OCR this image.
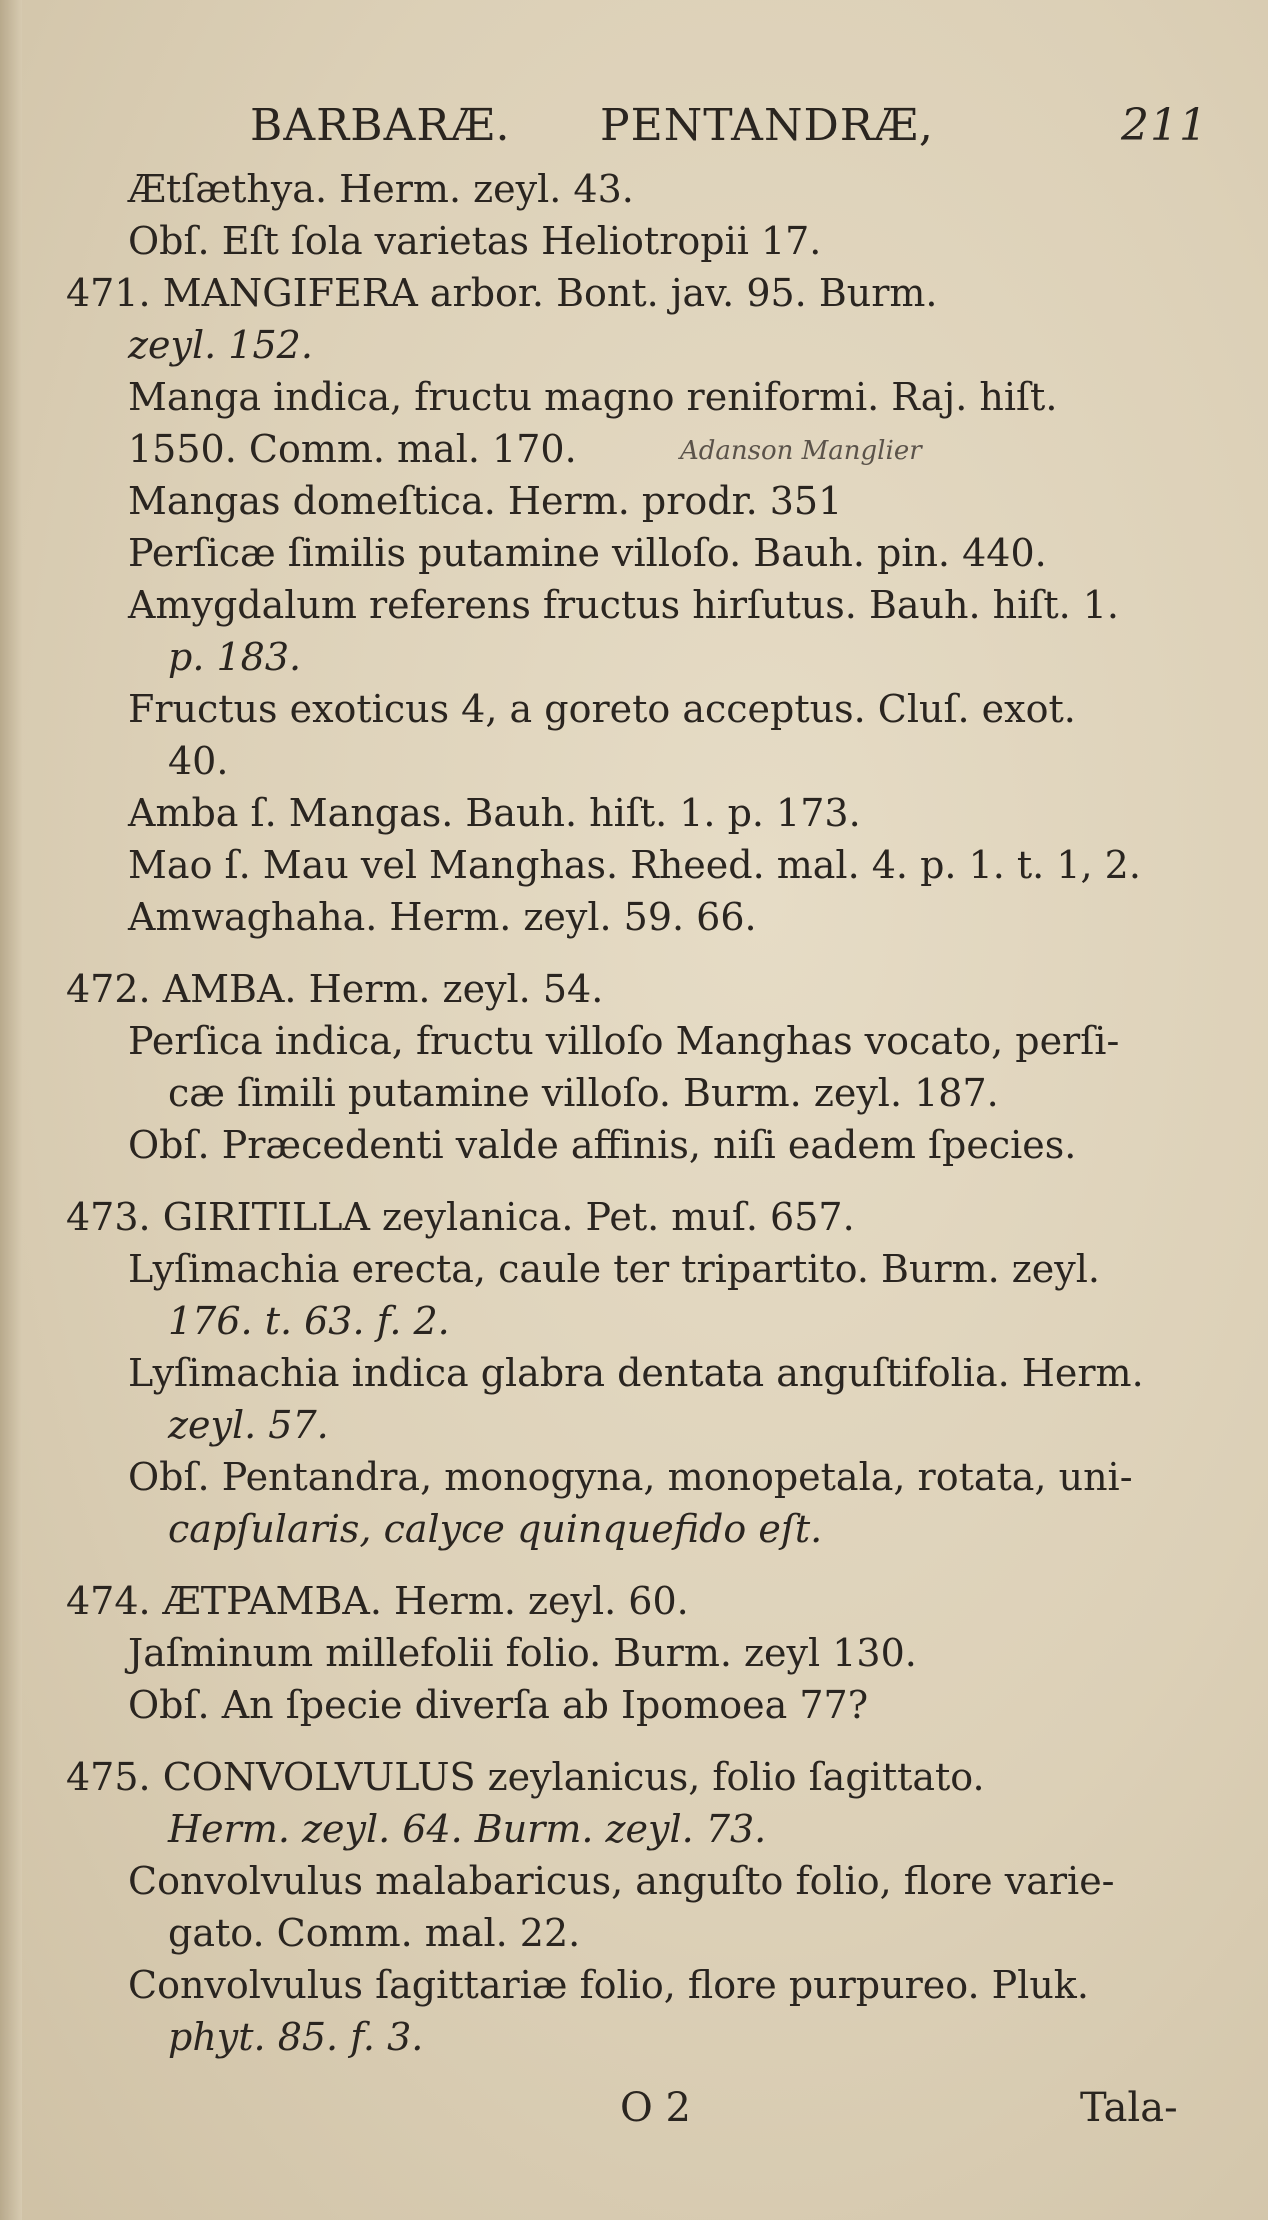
BARBARÆ. PENTANDRÆ,	211
Ætſæthya. Herm. zeyl. 43.
Obſ. Eſt ſola varietas Heliotropii 17.
471. MANGIFERA arbor. Bont. jav. 95. Burm.
zeyl. 152.
Manga indica, fructu magno reniformi. Raj. hiſt.
1550. Comm. mal. 170.	Adanson Manglier
Mangas domeſtica. Herm. prodr. 351
Perſicæ ſimilis putamine villoſo. Bauh. pin. 440.
Amygdalum referens fructus hirſutus. Bauh. hiſt. 1.
p. 183.
Fructus exoticus 4, a goreto acceptus. Cluſ. exot.
40.
Amba ſ. Mangas. Bauh. hiſt. 1. p. 173.
Mao ſ. Mau vel Manghas. Rheed. mal. 4. p. 1. t. 1, 2.
Amwaghaha. Herm. zeyl. 59. 66.
472. AMBA. Herm. zeyl. 54.
Perſica indica, fructu villoſo Manghas vocato, perſi-
cæ ſimili putamine villoſo. Burm. zeyl. 187.
Obſ. Præcedenti valde affinis, niſi eadem ſpecies.
473. GIRITILLA zeylanica. Pet. muſ. 657.
Lyſimachia erecta, caule ter tripartito. Burm. zeyl.
176. t. 63. f. 2.
Lyſimachia indica glabra dentata anguſtifolia. Herm.
zeyl. 57.
Obſ. Pentandra, monogyna, monopetala, rotata, uni-
capſularis, calyce quinquefido eſt.
474. ÆTPAMBA. Herm. zeyl. 60.
Jaſminum millefolii folio. Burm. zeyl 130.
Obſ. An ſpecie diverſa ab Ipomoea 77?
475. CONVOLVULUS zeylanicus, folio ſagittato.
Herm. zeyl. 64. Burm. zeyl. 73.
Convolvulus malabaricus, anguſto folio, flore varie-
gato. Comm. mal. 22.
Convolvulus ſagittariæ folio, flore purpureo. Pluk.
phyt. 85. f. 3.
O 2	Tala-
